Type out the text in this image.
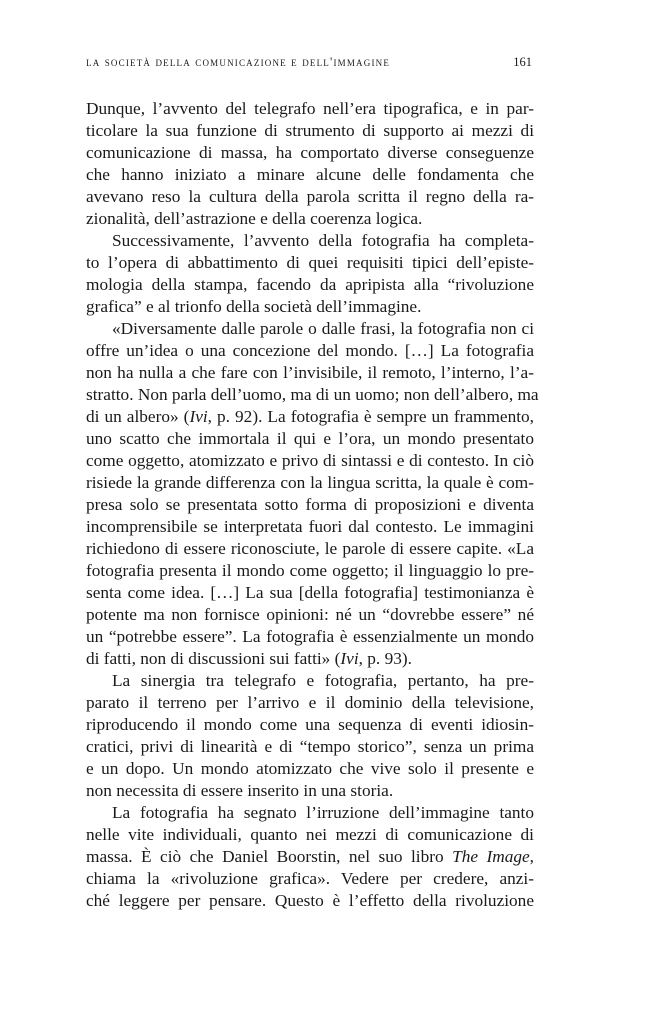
la società della comunicazione e dell'immagine	161
Dunque, l’avvento del telegrafo nell’era tipografica, e in par-
ticolare la sua funzione di strumento di supporto ai mezzi di
comunicazione di massa, ha comportato diverse conseguenze
che hanno iniziato a minare alcune delle fondamenta che
avevano reso la cultura della parola scritta il regno della ra-
zionalità, dell’astrazione e della coerenza logica.
Successivamente, l’avvento della fotografia ha completa-
to l’opera di abbattimento di quei requisiti tipici dell’episte-
mologia della stampa, facendo da apripista alla “rivoluzione
grafica” e al trionfo della società dell’immagine.
«Diversamente dalle parole o dalle frasi, la fotografia non ci
offre un’idea o una concezione del mondo. […] La fotografia
non ha nulla a che fare con l’invisibile, il remoto, l’interno, l’a-
stratto. Non parla dell’uomo, ma di un uomo; non dell’albero, ma
di un albero» (Ivi, p. 92). La fotografia è sempre un frammento,
uno scatto che immortala il qui e l’ora, un mondo presentato
come oggetto, atomizzato e privo di sintassi e di contesto. In ciò
risiede la grande differenza con la lingua scritta, la quale è com-
presa solo se presentata sotto forma di proposizioni e diventa
incomprensibile se interpretata fuori dal contesto. Le immagini
richiedono di essere riconosciute, le parole di essere capite. «La
fotografia presenta il mondo come oggetto; il linguaggio lo pre-
senta come idea. […] La sua [della fotografia] testimonianza è
potente ma non fornisce opinioni: né un “dovrebbe essere” né
un “potrebbe essere”. La fotografia è essenzialmente un mondo
di fatti, non di discussioni sui fatti» (Ivi, p. 93).
La sinergia tra telegrafo e fotografia, pertanto, ha pre-
parato il terreno per l’arrivo e il dominio della televisione,
riproducendo il mondo come una sequenza di eventi idiosin-
cratici, privi di linearità e di “tempo storico”, senza un prima
e un dopo. Un mondo atomizzato che vive solo il presente e
non necessita di essere inserito in una storia.
La fotografia ha segnato l’irruzione dell’immagine tanto
nelle vite individuali, quanto nei mezzi di comunicazione di
massa. È ciò che Daniel Boorstin, nel suo libro The Image,
chiama la «rivoluzione grafica». Vedere per credere, anzi-
ché leggere per pensare. Questo è l’effetto della rivoluzione
